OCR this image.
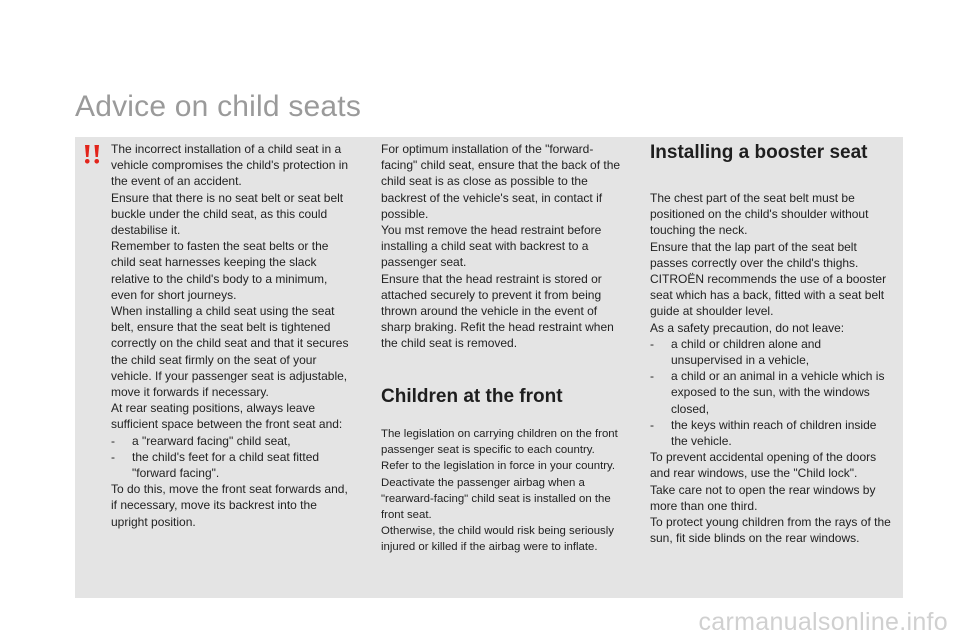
Advice on child seats

The incorrect installation of a child seat in a vehicle compromises the child's protection in the event of an accident.

Ensure that there is no seat belt or seat belt buckle under the child seat, as this could destabilise it.

Remember to fasten the seat belts or the child seat harnesses keeping the slack relative to the child's body to a minimum, even for short journeys.

When installing a child seat using the seat belt, ensure that the seat belt is tightened correctly on the child seat and that it secures the child seat firmly on the seat of your vehicle. If your passenger seat is adjustable, move it forwards if necessary.

At rear seating positions, always leave sufficient space between the front seat and:

-	a "rearward facing" child seat,
-	the child's feet for a child seat fitted "forward facing".

To do this, move the front seat forwards and, if necessary, move its backrest into the upright position.

For optimum installation of the "forward-facing" child seat, ensure that the back of the child seat is as close as possible to the backrest of the vehicle's seat, in contact if possible.

You mst remove the head restraint before installing a child seat with backrest to a passenger seat.

Ensure that the head restraint is stored or attached securely to prevent it from being thrown around the vehicle in the event of sharp braking. Refit the head restraint when the child seat is removed.

Children at the front

The legislation on carrying children on the front passenger seat is specific to each country.

Refer to the legislation in force in your country.

Deactivate the passenger airbag when a "rearward-facing" child seat is installed on the front seat.

Otherwise, the child would risk being seriously injured or killed if the airbag were to inflate.

Installing a booster seat

The chest part of the seat belt must be positioned on the child's shoulder without touching the neck.

Ensure that the lap part of the seat belt passes correctly over the child's thighs.

CITROËN recommends the use of a booster seat which has a back, fitted with a seat belt guide at shoulder level.

As a safety precaution, do not leave:

-	a child or children alone and unsupervised in a vehicle,
-	a child or an animal in a vehicle which is exposed to the sun, with the windows closed,
-	the keys within reach of children inside the vehicle.

To prevent accidental opening of the doors and rear windows, use the "Child lock".

Take care not to open the rear windows by more than one third.

To protect young children from the rays of the sun, fit side blinds on the rear windows.

carmanualsonline.info
